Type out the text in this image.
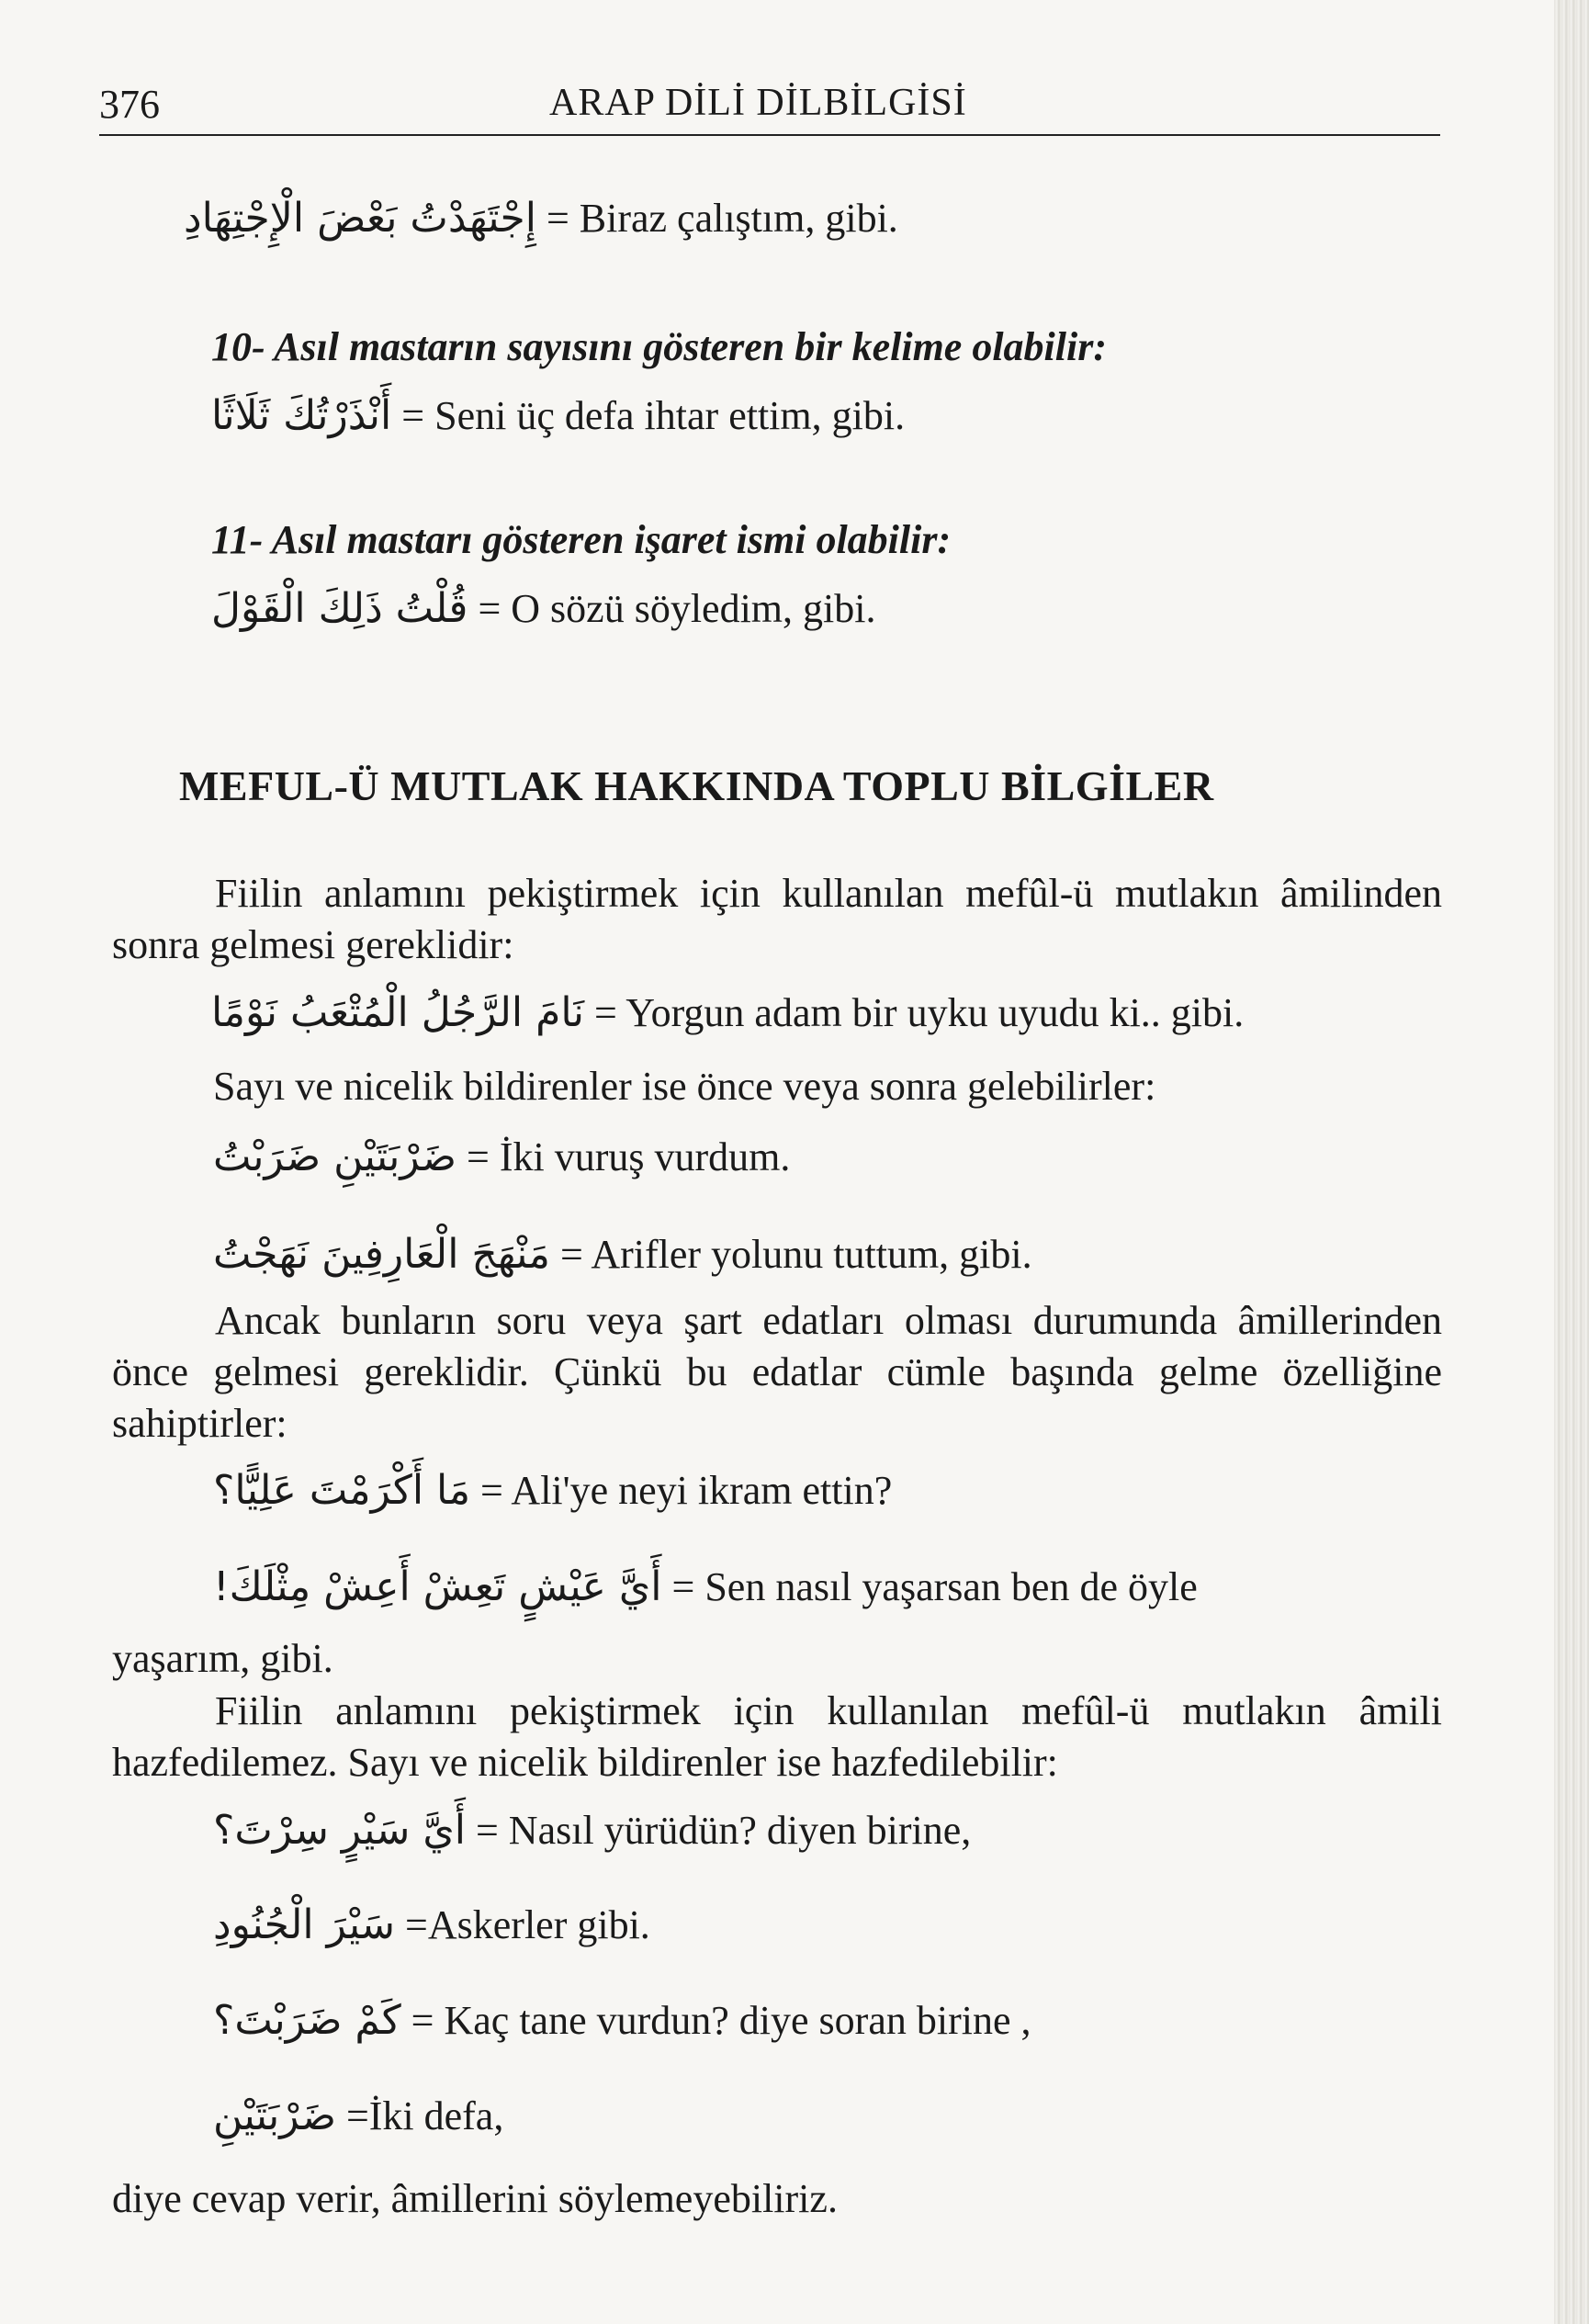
376	ARAP DİLİ DİLBİLGİSİ
إِجْتَهَدْتُ بَعْضَ الْإِجْتِهَادِ = Biraz çalıştım, gibi.
10- Asıl mastarın sayısını gösteren bir kelime olabilir:
أَنْذَرْتُكَ ثَلَاثًا = Seni üç defa ihtar ettim, gibi.
11- Asıl mastarı gösteren işaret ismi olabilir:
قُلْتُ ذَلِكَ الْقَوْلَ = O sözü söyledim, gibi.
MEFUL-Ü MUTLAK HAKKINDA TOPLU BİLGİLER
Fiilin anlamını pekiştirmek için kullanılan mefûl-ü mutlakın âmilinden sonra gelmesi gereklidir:
نَامَ الرَّجُلُ الْمُتْعَبُ نَوْمًا = Yorgun adam bir uyku uyudu ki.. gibi.
Sayı ve nicelik bildirenler ise önce veya sonra gelebilirler:
ضَرْبَتَيْنِ ضَرَبْتُ = İki vuruş vurdum.
مَنْهَجَ الْعَارِفِينَ نَهَجْتُ = Arifler yolunu tuttum, gibi.
Ancak bunların soru veya şart edatları olması durumunda âmillerinden önce gelmesi gereklidir. Çünkü bu edatlar cümle başında gelme özelliğine sahiptirler:
مَا أَكْرَمْتَ عَلِيًّا؟ = Ali'ye neyi ikram ettin?
أَيَّ عَيْشٍ تَعِشْ أَعِشْ مِثْلَكَ! = Sen nasıl yaşarsan ben de öyle
yaşarım, gibi.
Fiilin anlamını pekiştirmek için kullanılan mefûl-ü mutlakın âmili hazfedilemez. Sayı ve nicelik bildirenler ise hazfedilebilir:
أَيَّ سَيْرٍ سِرْتَ؟ = Nasıl yürüdün? diyen birine,
سَيْرَ الْجُنُودِ =Askerler gibi.
كَمْ ضَرَبْتَ؟ = Kaç tane vurdun? diye soran birine ,
ضَرْبَتَيْنِ =İki defa,
diye cevap verir, âmillerini söylemeyebiliriz.
